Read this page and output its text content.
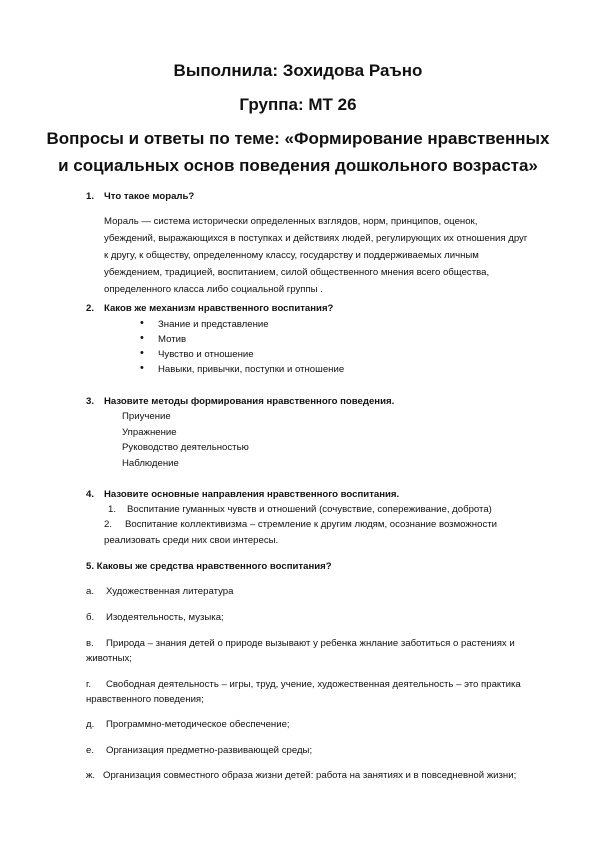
Выполнила: Зохидова Раъно
Группа: МТ 26
Вопросы и ответы по теме: «Формирование нравственных
и социальных основ поведения дошкольного возраста»
1. Что такое мораль?
Мораль — система исторически определенных взглядов, норм, принципов, оценок,
убеждений, выражающихся в поступках и действиях людей, регулирующих их отношения друг
к другу, к обществу, определенному классу, государству и поддерживаемых личным
убеждением, традицией, воспитанием, силой общественного мнения всего общества,
определенного класса либо социальной группы .
2. Каков же механизм нравственного воспитания?
• Знание и представление
• Мотив
• Чувство и отношение
• Навыки, привычки, поступки и отношение
3. Назовите методы формирования нравственного поведения.
Приучение
Упражнение
Руководство деятельностью
Наблюдение
4. Назовите основные направления нравственного воспитания.
1. Воспитание гуманных чувств и отношений (сочувствие, сопереживание, доброта)
2. Воспитание коллективизма – стремление к другим людям, осознание возможности
реализовать среди них свои интересы.
5. Каковы же средства нравственного воспитания?
а. Художественная литература
б. Изодеятельность, музыка;
в. Природа – знания детей о природе вызывают у ребенка жнлание заботиться о растениях и
животных;
г. Свободная деятельность – игры, труд, учение, художественная деятельность – это практика
нравственного поведения;
д. Программно-методическое обеспечение;
е. Организация предметно-развивающей среды;
ж. Организация совместного образа жизни детей: работа на занятиях и в повседневной жизни;
